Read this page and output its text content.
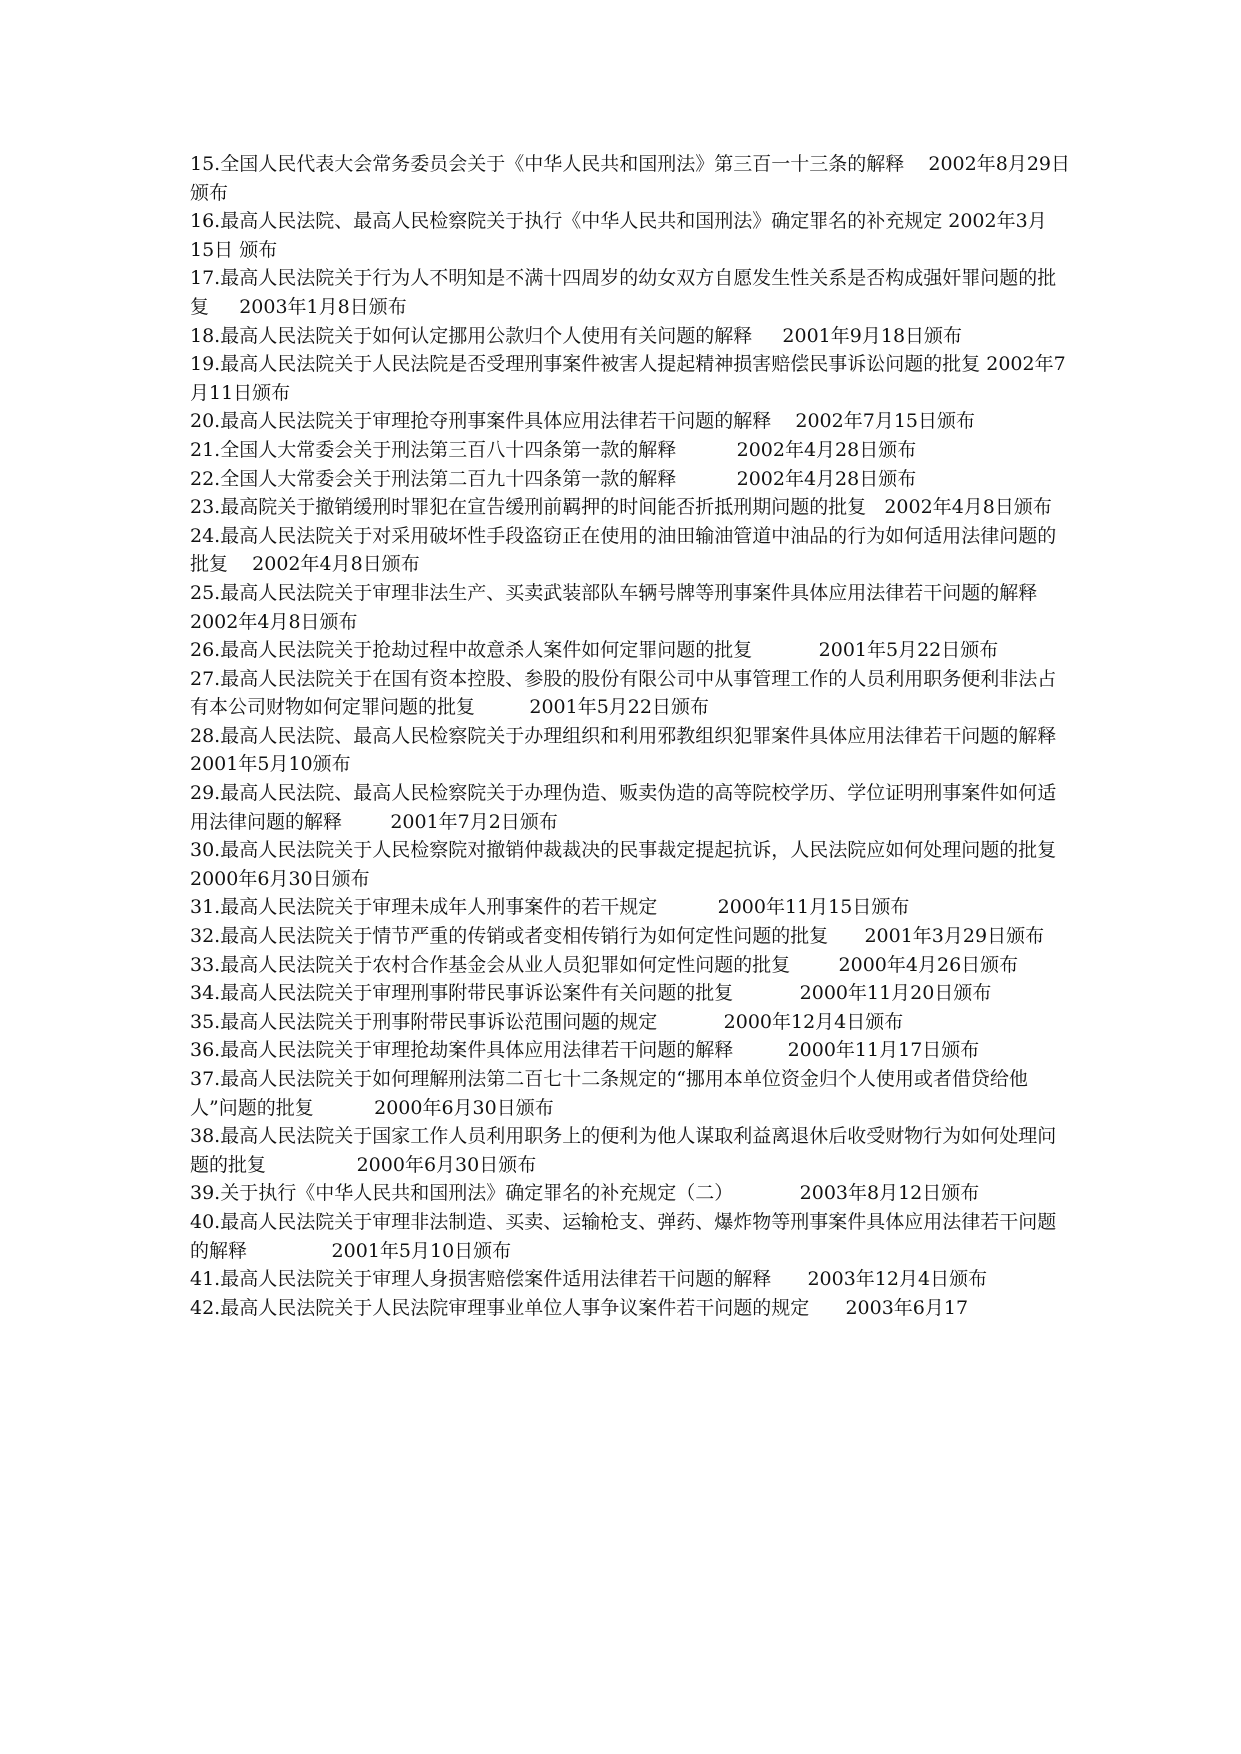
15.全国人民代表大会常务委员会关于《中华人民共和国刑法》第三百一十三条的解释    2002年8月29日颁布

16.最高人民法院、最高人民检察院关于执行《中华人民共和国刑法》确定罪名的补充规定 2002年3月15日 颁布

17.最高人民法院关于行为人不明知是不满十四周岁的幼女双方自愿发生性关系是否构成强奸罪问题的批复     2003年1月8日颁布

18.最高人民法院关于如何认定挪用公款归个人使用有关问题的解释     2001年9月18日颁布

19.最高人民法院关于人民法院是否受理刑事案件被害人提起精神损害赔偿民事诉讼问题的批复 2002年7月11日颁布

20.最高人民法院关于审理抢夺刑事案件具体应用法律若干问题的解释    2002年7月15日颁布

21.全国人大常委会关于刑法第三百八十四条第一款的解释          2002年4月28日颁布

22.全国人大常委会关于刑法第二百九十四条第一款的解释          2002年4月28日颁布

23.最高院关于撤销缓刑时罪犯在宣告缓刑前羁押的时间能否折抵刑期问题的批复   2002年4月8日颁布

24.最高人民法院关于对采用破坏性手段盗窃正在使用的油田输油管道中油品的行为如何适用法律问题的批复    2002年4月8日颁布

25.最高人民法院关于审理非法生产、买卖武装部队车辆号牌等刑事案件具体应用法律若干问题的解释         2002年4月8日颁布

26.最高人民法院关于抢劫过程中故意杀人案件如何定罪问题的批复           2001年5月22日颁布

27.最高人民法院关于在国有资本控股、参股的股份有限公司中从事管理工作的人员利用职务便利非法占有本公司财物如何定罪问题的批复         2001年5月22日颁布

28.最高人民法院、最高人民检察院关于办理组织和利用邪教组织犯罪案件具体应用法律若干问题的解释     2001年5月10颁布

29.最高人民法院、最高人民检察院关于办理伪造、贩卖伪造的高等院校学历、学位证明刑事案件如何适用法律问题的解释        2001年7月2日颁布

30.最高人民法院关于人民检察院对撤销仲裁裁决的民事裁定提起抗诉，人民法院应如何处理问题的批复          2000年6月30日颁布

31.最高人民法院关于审理未成年人刑事案件的若干规定          2000年11月15日颁布

32.最高人民法院关于情节严重的传销或者变相传销行为如何定性问题的批复      2001年3月29日颁布

33.最高人民法院关于农村合作基金会从业人员犯罪如何定性问题的批复        2000年4月26日颁布

34.最高人民法院关于审理刑事附带民事诉讼案件有关问题的批复           2000年11月20日颁布

35.最高人民法院关于刑事附带民事诉讼范围问题的规定           2000年12月4日颁布

36.最高人民法院关于审理抢劫案件具体应用法律若干问题的解释         2000年11月17日颁布

37.最高人民法院关于如何理解刑法第二百七十二条规定的“挪用本单位资金归个人使用或者借贷给他人”问题的批复          2000年6月30日颁布

38.最高人民法院关于国家工作人员利用职务上的便利为他人谋取利益离退休后收受财物行为如何处理问题的批复               2000年6月30日颁布

39.关于执行《中华人民共和国刑法》确定罪名的补充规定（二）           2003年8月12日颁布

40.最高人民法院关于审理非法制造、买卖、运输枪支、弹药、爆炸物等刑事案件具体应用法律若干问题的解释              2001年5月10日颁布

41.最高人民法院关于审理人身损害赔偿案件适用法律若干问题的解释      2003年12月4日颁布

42.最高人民法院关于人民法院审理事业单位人事争议案件若干问题的规定      2003年6月17
